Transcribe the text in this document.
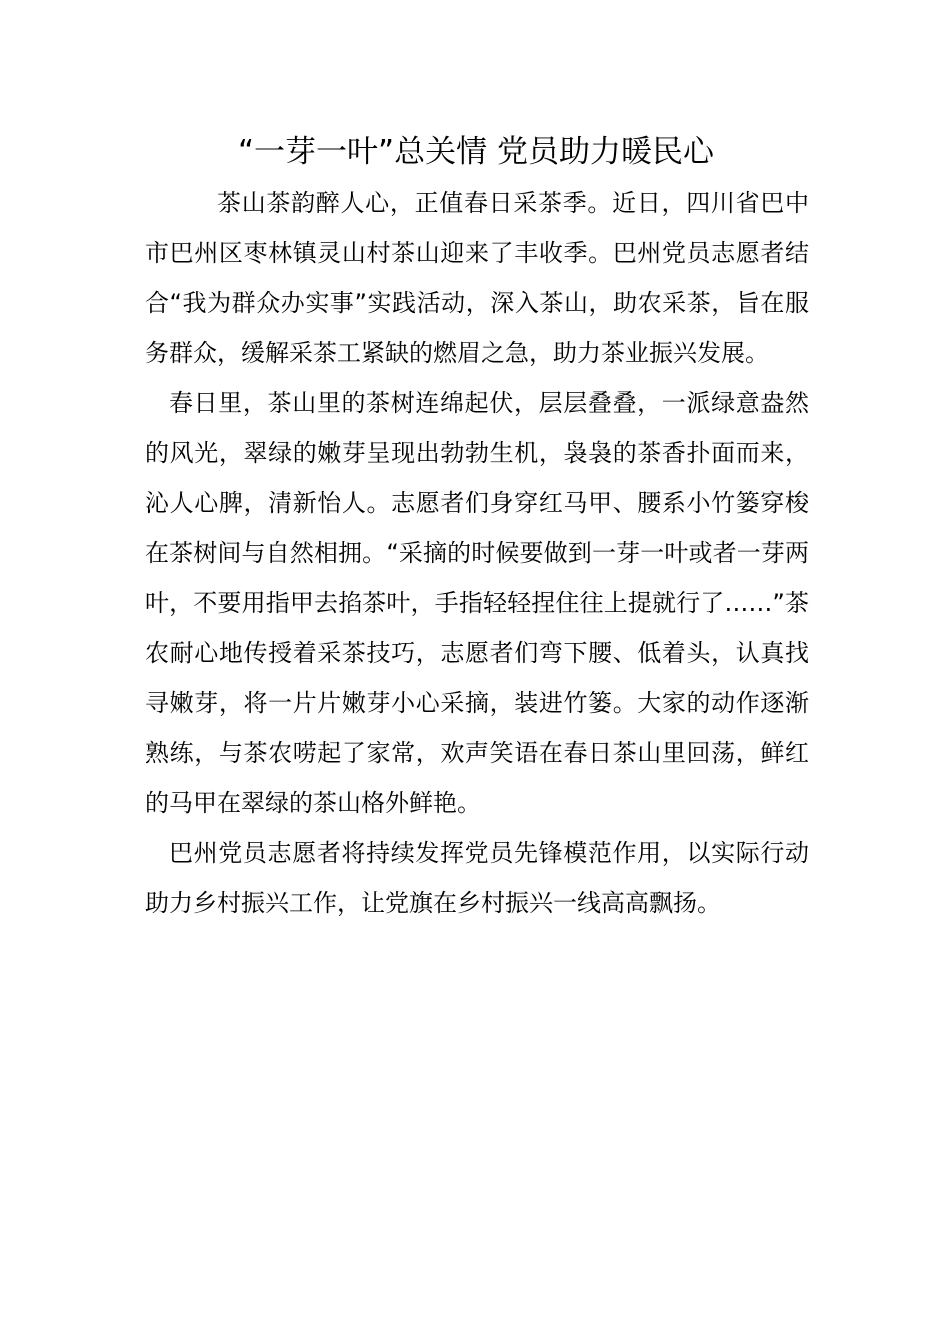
“一芽一叶”总关情 党员助力暖民心

茶山茶韵醉人心，正值春日采茶季。近日，四川省巴中市巴州区枣林镇灵山村茶山迎来了丰收季。巴州党员志愿者结合“我为群众办实事”实践活动，深入茶山，助农采茶，旨在服务群众，缓解采茶工紧缺的燃眉之急，助力茶业振兴发展。

春日里，茶山里的茶树连绵起伏，层层叠叠，一派绿意盎然的风光，翠绿的嫩芽呈现出勃勃生机，袅袅的茶香扑面而来，沁人心脾，清新怡人。志愿者们身穿红马甲、腰系小竹篓穿梭在茶树间与自然相拥。“采摘的时候要做到一芽一叶或者一芽两叶，不要用指甲去掐茶叶，手指轻轻捏住往上提就行了……”茶农耐心地传授着采茶技巧，志愿者们弯下腰、低着头，认真找寻嫩芽，将一片片嫩芽小心采摘，装进竹篓。大家的动作逐渐熟练，与茶农唠起了家常，欢声笑语在春日茶山里回荡，鲜红的马甲在翠绿的茶山格外鲜艳。

巴州党员志愿者将持续发挥党员先锋模范作用，以实际行动助力乡村振兴工作，让党旗在乡村振兴一线高高飘扬。
